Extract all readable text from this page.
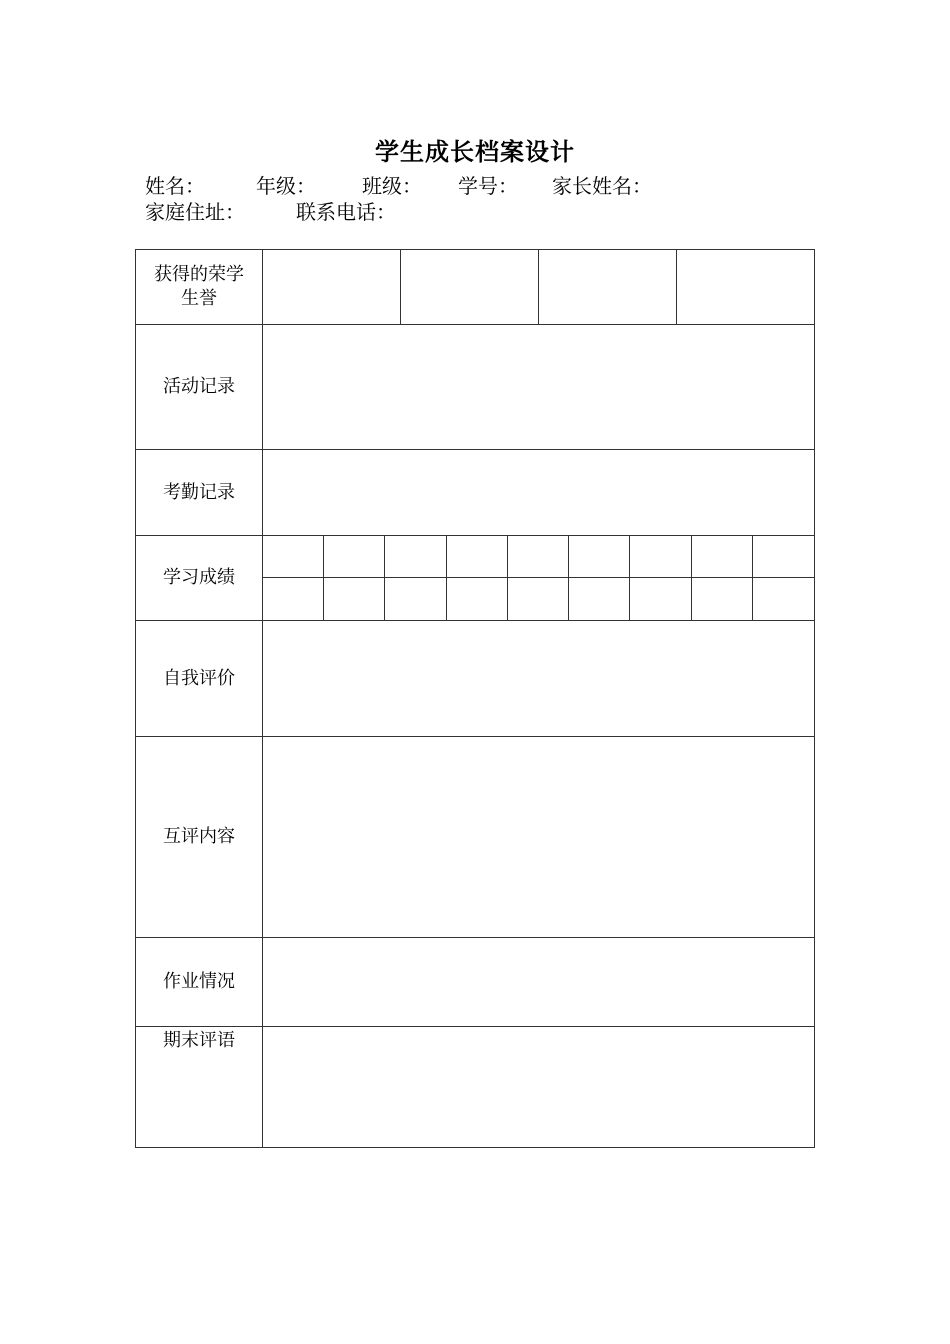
学生成长档案设计
姓名：	年级： 班级： 学号： 家长姓名：
家庭住址：	联系电话：
获得的荣学生誉
活动记录
考勤记录
学习成绩
自我评价
互评内容
作业情况
期末评语
